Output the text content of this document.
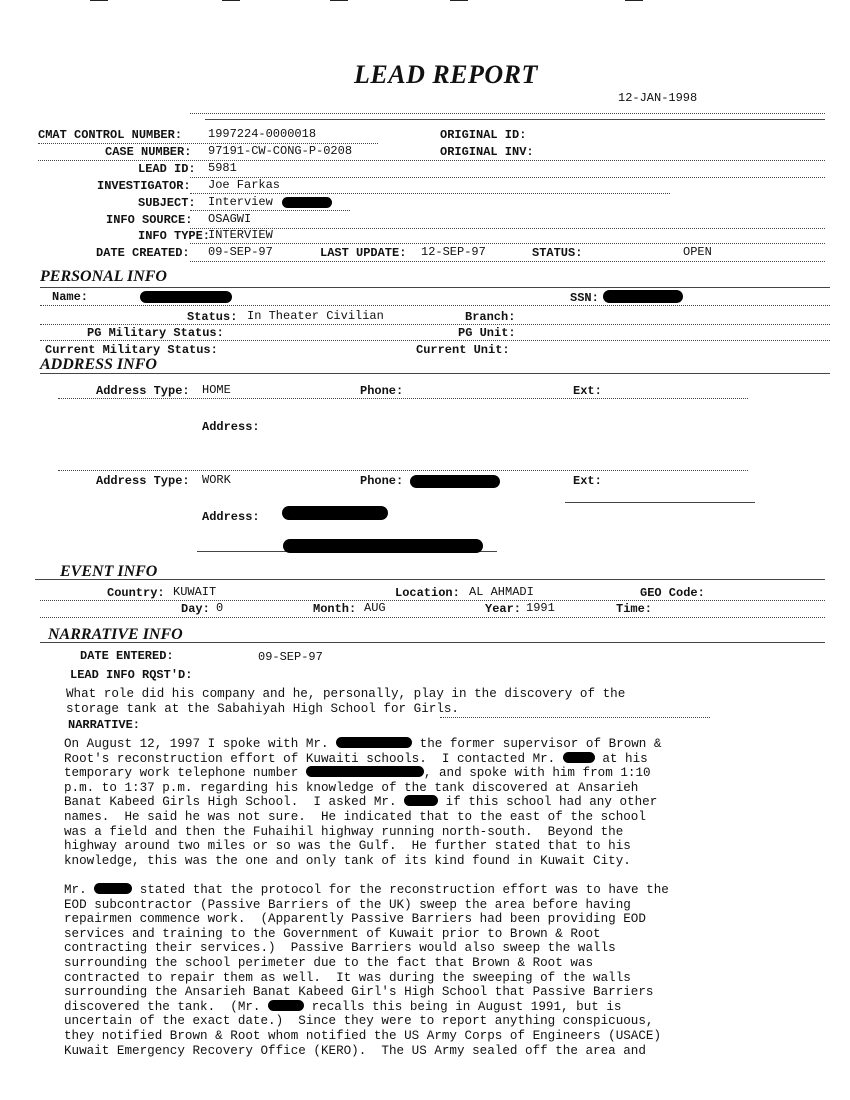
LEAD REPORT
12-JAN-1998
CMAT CONTROL NUMBER: 1997224-0000018	ORIGINAL ID:
CASE NUMBER: 97191-CW-CONG-P-0208	ORIGINAL INV:
LEAD ID: 5981
INVESTIGATOR: Joe Farkas
SUBJECT: Interview
INFO SOURCE: OSAGWI
INFO TYPE:
INTERVIEW
DATE CREATED: 09-SEP-97	LAST UPDATE: 12-SEP-97	STATUS:	OPEN
PERSONAL INFO
Name:	SSN:
Status: In Theater Civilian	Branch:
PG Military Status:	PG Unit:
Current Military Status:	Current Unit:
ADDRESS INFO
Address Type: HOME	Phone:	Ext:
Address:
Address Type: WORK	Phone:	Ext:
Address:
EVENT INFO
Country: KUWAIT	Location: AL AHMADI	GEO Code:
Day: 0	Month: AUG	Year: 1991	Time:
NARRATIVE INFO
DATE ENTERED:	09-SEP-97
LEAD INFO RQST'D:
What role did his company and he, personally, play in the discovery of the
storage tank at the Sabahiyah High School for Girls.
NARRATIVE:
On August 12, 1997 I spoke with Mr.	the former supervisor of Brown &
Root's reconstruction effort of Kuwaiti schools.  I contacted Mr.	at his
temporary work telephone number	, and spoke with him from 1:10
p.m. to 1:37 p.m. regarding his knowledge of the tank discovered at Ansarieh
Banat Kabeed Girls High School.  I asked Mr.	if this school had any other
names.  He said he was not sure.  He indicated that to the east of the school
was a field and then the Fuhaihil highway running north-south.  Beyond the
highway around two miles or so was the Gulf.  He further stated that to his
knowledge, this was the one and only tank of its kind found in Kuwait City.
Mr.	stated that the protocol for the reconstruction effort was to have the
EOD subcontractor (Passive Barriers of the UK) sweep the area before having
repairmen commence work.  (Apparently Passive Barriers had been providing EOD
services and training to the Government of Kuwait prior to Brown & Root
contracting their services.)  Passive Barriers would also sweep the walls
surrounding the school perimeter due to the fact that Brown & Root was
contracted to repair them as well.  It was during the sweeping of the walls
surrounding the Ansarieh Banat Kabeed Girl's High School that Passive Barriers
discovered the tank.  (Mr.	recalls this being in August 1991, but is
uncertain of the exact date.)  Since they were to report anything conspicuous,
they notified Brown & Root whom notified the US Army Corps of Engineers (USACE)
Kuwait Emergency Recovery Office (KERO).  The US Army sealed off the area and
